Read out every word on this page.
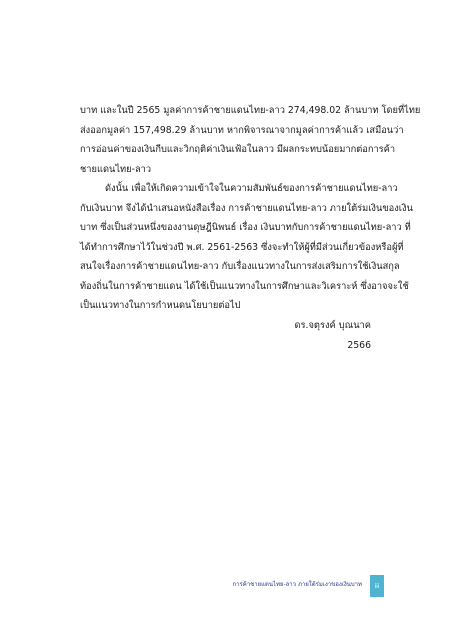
บาท และในปี 2565 มูลค่าการค้าชายแดนไทย-ลาว 274,498.02 ล้านบาท โดยที่ไทย
ส่งออกมูลค่า 157,498.29 ล้านบาท หากพิจารณาจากมูลค่าการค้าแล้ว เสมือนว่า
การอ่อนค่าของเงินกีบและวิกฤติค่าเงินเฟ้อในลาว มีผลกระทบน้อยมากต่อการค้า
ชายแดนไทย-ลาว
ดังนั้น เพื่อให้เกิดความเข้าใจในความสัมพันธ์ของการค้าชายแดนไทย-ลาว
กับเงินบาท จึงได้นำเสนอหนังสือเรื่อง การค้าชายแดนไทย-ลาว ภายใต้ร่มเงินของเงิน
บาท ซึ่งเป็นส่วนหนึ่งของงานดุษฎีนิพนธ์ เรื่อง เงินบาทกับการค้าชายแดนไทย-ลาว ที่
ได้ทำการศึกษาไว้ในช่วงปี พ.ศ. 2561-2563 ซึ่งจะทำให้ผู้ที่มีส่วนเกี่ยวข้องหรือผู้ที่
สนใจเรื่องการค้าชายแดนไทย-ลาว กับเรื่องแนวทางในการส่งเสริมการใช้เงินสกุล
ท้องถิ่นในการค้าชายแดน ได้ใช้เป็นแนวทางในการศึกษาและวิเคราะห์ ซึ่งอาจจะใช้
เป็นแนวทางในการกำหนดนโยบายต่อไป
ดร.จตุรงค์ บุณนาค
2566
การค้าชายแดนไทย-ลาว ภายใต้ร่มเงาของเงินบาท iii
